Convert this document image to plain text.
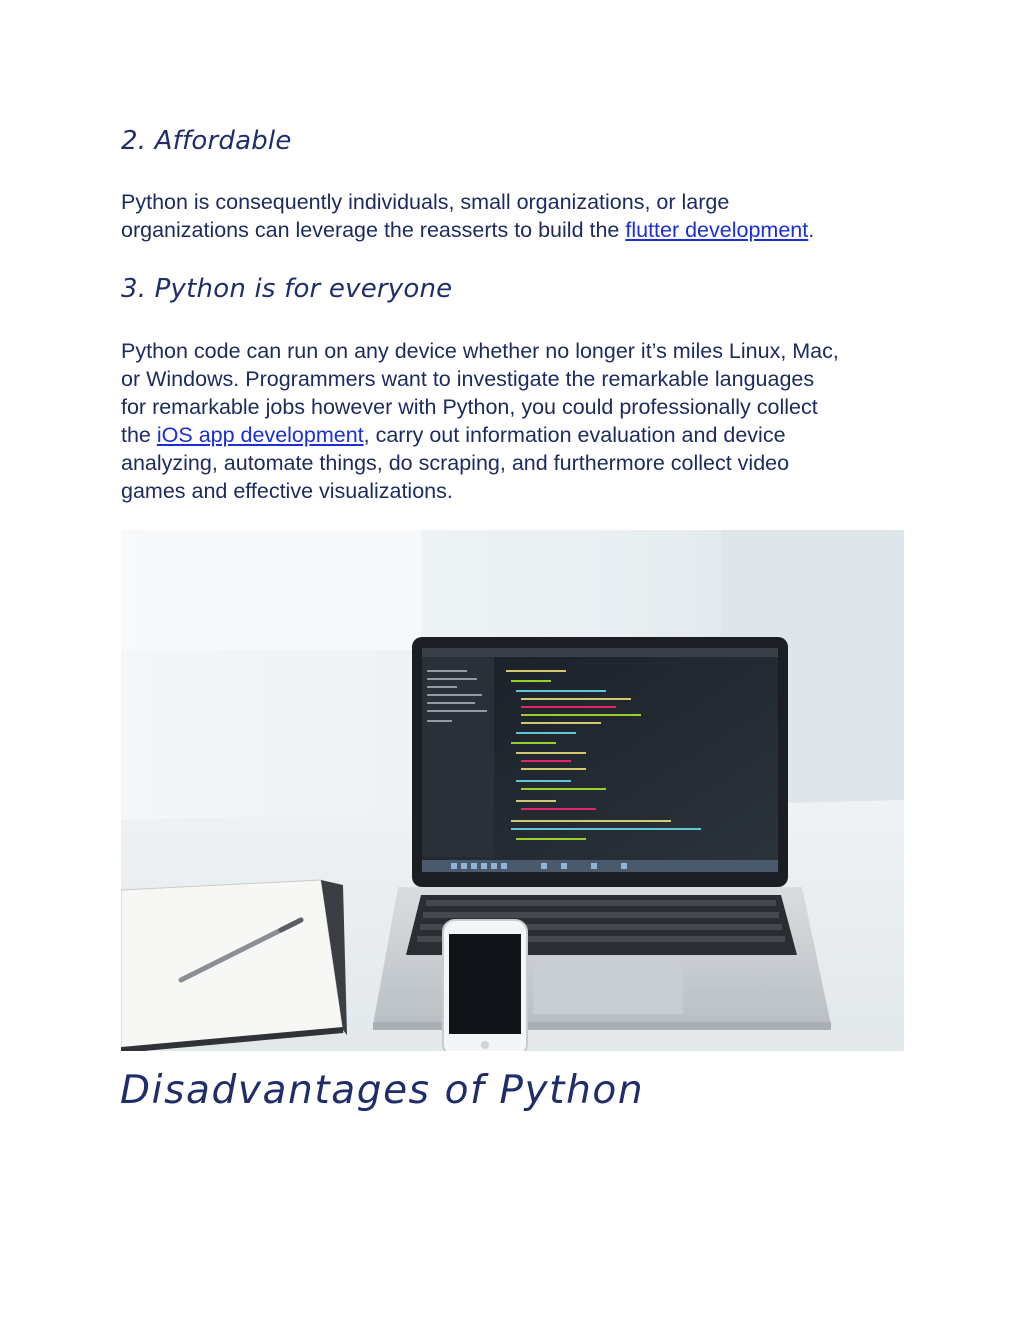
2. Affordable
Python is consequently individuals, small organizations, or large
organizations can leverage the reasserts to build the flutter development.
3. Python is for everyone
Python code can run on any device whether no longer it’s miles Linux, Mac,
or Windows. Programmers want to investigate the remarkable languages
for remarkable jobs however with Python, you could professionally collect
the iOS app development, carry out information evaluation and device
analyzing, automate things, do scraping, and furthermore collect video
games and effective visualizations.
Disadvantages of Python
